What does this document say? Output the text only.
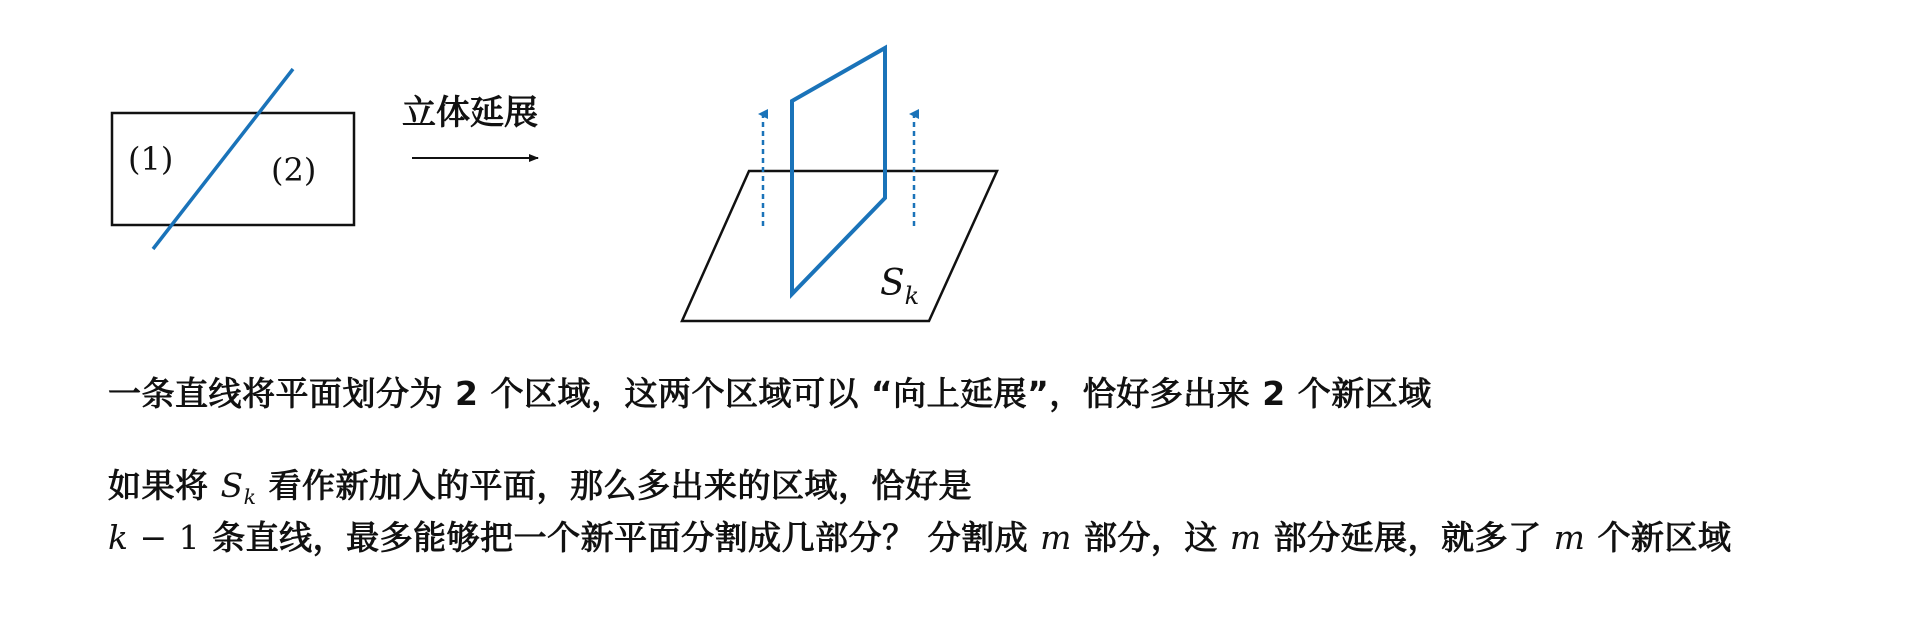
(1)	(2)
立体延展
$S_k$
一条直线将平面划分为 2 个区域，这两个区域可以 “向上延展”，恰好多出来 2 个新区域
如果将 $S_k$ 看作新加入的平面，那么多出来的区域，恰好是
k − 1 条直线，最多能够把一个新平面分割成几部分？ 分割成 m 部分，这 m 部分延展，就多了 m 个新区域
